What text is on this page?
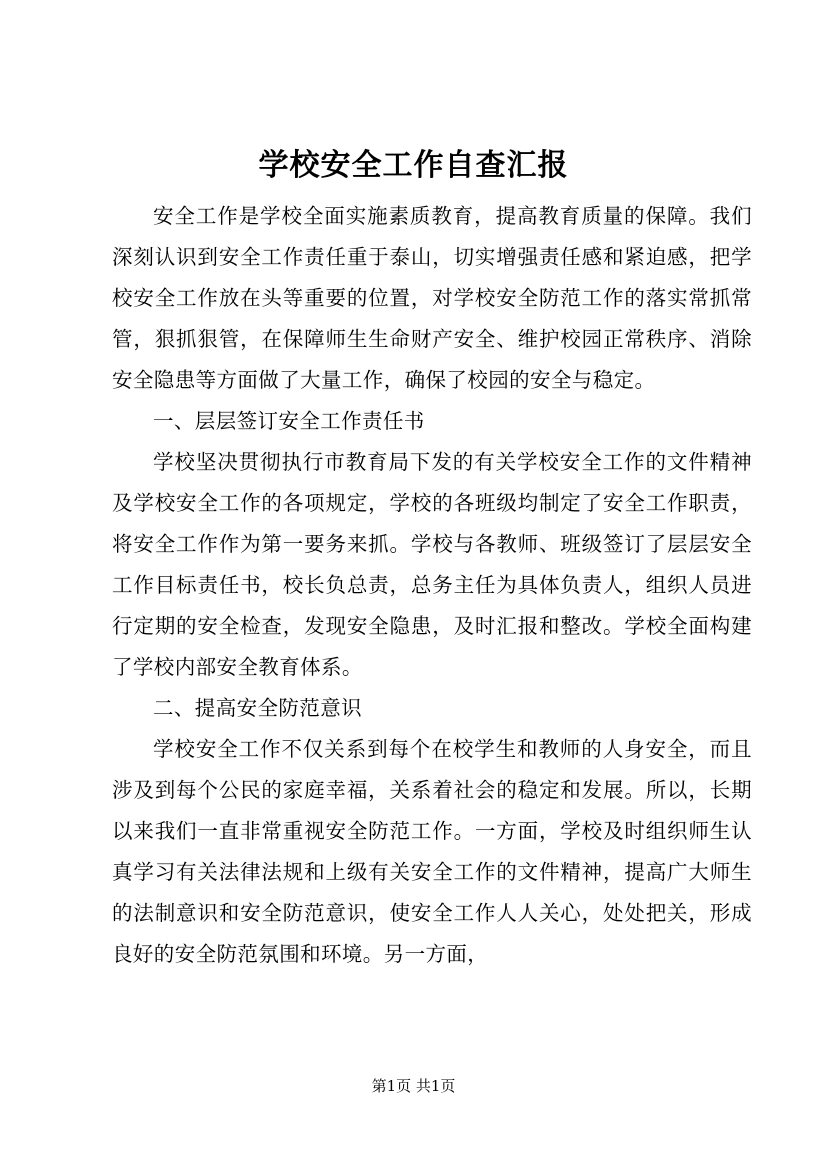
学校安全工作自查汇报

安全工作是学校全面实施素质教育，提高教育质量的保障。我们深刻认识到安全工作责任重于泰山，切实增强责任感和紧迫感，把学校安全工作放在头等重要的位置，对学校安全防范工作的落实常抓常管，狠抓狠管，在保障师生生命财产安全、维护校园正常秩序、消除安全隐患等方面做了大量工作，确保了校园的安全与稳定。

一、层层签订安全工作责任书

学校坚决贯彻执行市教育局下发的有关学校安全工作的文件精神及学校安全工作的各项规定，学校的各班级均制定了安全工作职责，将安全工作作为第一要务来抓。学校与各教师、班级签订了层层安全工作目标责任书，校长负总责，总务主任为具体负责人，组织人员进行定期的安全检查，发现安全隐患，及时汇报和整改。学校全面构建了学校内部安全教育体系。

二、提高安全防范意识

学校安全工作不仅关系到每个在校学生和教师的人身安全，而且涉及到每个公民的家庭幸福，关系着社会的稳定和发展。所以，长期以来我们一直非常重视安全防范工作。一方面，学校及时组织师生认真学习有关法律法规和上级有关安全工作的文件精神，提高广大师生的法制意识和安全防范意识，使安全工作人人关心，处处把关，形成良好的安全防范氛围和环境。另一方面，

第1页 共1页
